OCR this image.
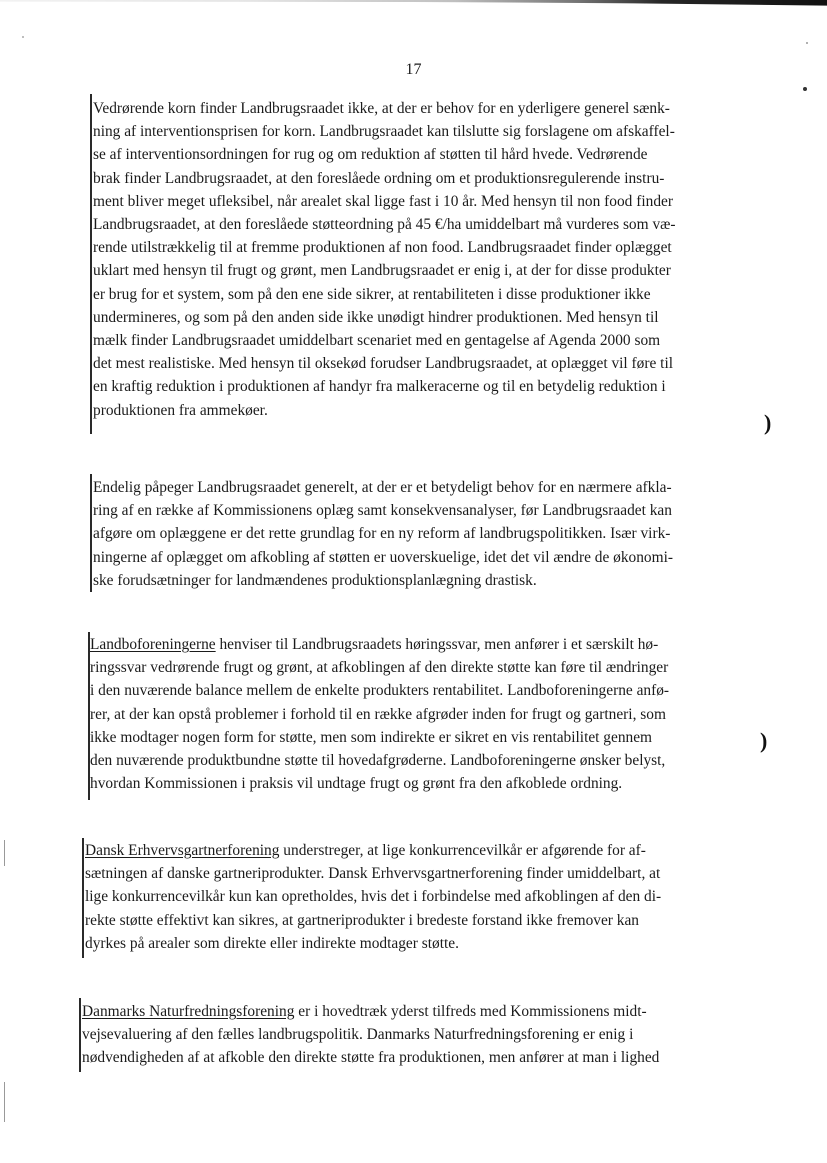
17

Vedrørende korn finder Landbrugsraadet ikke, at der er behov for en yderligere generel sænk-
ning af interventionsprisen for korn. Landbrugsraadet kan tilslutte sig forslagene om afskaffel-
se af interventionsordningen for rug og om reduktion af støtten til hård hvede. Vedrørende
brak finder Landbrugsraadet, at den foreslåede ordning om et produktionsregulerende instru-
ment bliver meget ufleksibel, når arealet skal ligge fast i 10 år. Med hensyn til non food finder
Landbrugsraadet, at den foreslåede støtteordning på 45 €/ha umiddelbart må vurderes som væ-
rende utilstrækkelig til at fremme produktionen af non food. Landbrugsraadet finder oplægget
uklart med hensyn til frugt og grønt, men Landbrugsraadet er enig i, at der for disse produkter
er brug for et system, som på den ene side sikrer, at rentabiliteten i disse produktioner ikke
undermineres, og som på den anden side ikke unødigt hindrer produktionen. Med hensyn til
mælk finder Landbrugsraadet umiddelbart scenariet med en gentagelse af Agenda 2000 som
det mest realistiske. Med hensyn til oksekød forudser Landbrugsraadet, at oplægget vil føre til
en kraftig reduktion i produktionen af handyr fra malkeracerne og til en betydelig reduktion i
produktionen fra ammekøer.	)

Endelig påpeger Landbrugsraadet generelt, at der er et betydeligt behov for en nærmere afkla-
ring af en række af Kommissionens oplæg samt konsekvensanalyser, før Landbrugsraadet kan
afgøre om oplæggene er det rette grundlag for en ny reform af landbrugspolitikken. Især virk-
ningerne af oplægget om afkobling af støtten er uoverskuelige, idet det vil ændre de økonomi-
ske forudsætninger for landmændenes produktionsplanlægning drastisk.

Landboforeningerne henviser til Landbrugsraadets høringssvar, men anfører i et særskilt hø-
ringssvar vedrørende frugt og grønt, at afkoblingen af den direkte støtte kan føre til ændringer
i den nuværende balance mellem de enkelte produkters rentabilitet. Landboforeningerne anfø-
rer, at der kan opstå problemer i forhold til en række afgrøder inden for frugt og gartneri, som
ikke modtager nogen form for støtte, men som indirekte er sikret en vis rentabilitet gennem
den nuværende produktbundne støtte til hovedafgrøderne. Landboforeningerne ønsker belyst,
hvordan Kommissionen i praksis vil undtage frugt og grønt fra den afkoblede ordning.

)

Dansk Erhvervsgartnerforening understreger, at lige konkurrencevilkår er afgørende for af-
sætningen af danske gartneriprodukter. Dansk Erhvervsgartnerforening finder umiddelbart, at
lige konkurrencevilkår kun kan opretholdes, hvis det i forbindelse med afkoblingen af den di-
rekte støtte effektivt kan sikres, at gartneriprodukter i bredeste forstand ikke fremover kan
dyrkes på arealer som direkte eller indirekte modtager støtte.

Danmarks Naturfredningsforening er i hovedtræk yderst tilfreds med Kommissionens midt-
vejsevaluering af den fælles landbrugspolitik. Danmarks Naturfredningsforening er enig i
nødvendigheden af at afkoble den direkte støtte fra produktionen, men anfører at man i lighed
